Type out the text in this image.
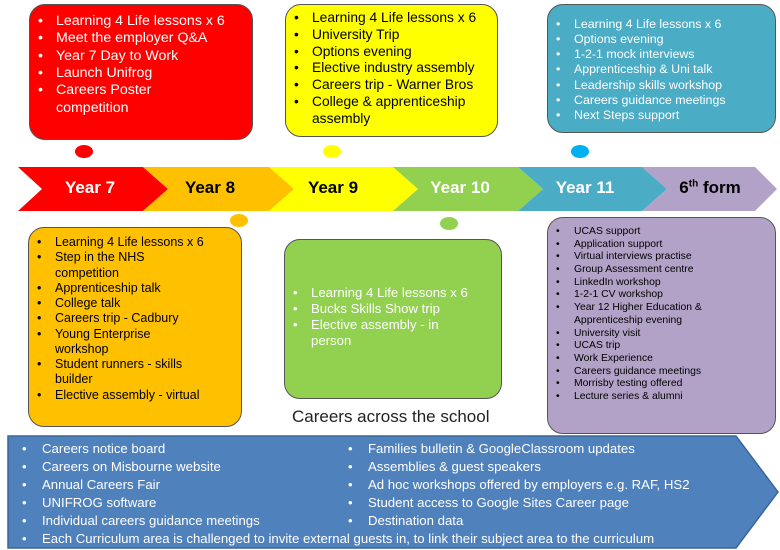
• Learning 4 Life lessons x 6
• Meet the employer Q&A
• Year 7 Day to Work
• Launch Unifrog
• Careers Poster competition
• Learning 4 Life lessons x 6
• University Trip
• Options evening
• Elective industry assembly
• Careers trip - Warner Bros
• College & apprenticeship assembly
• Learning 4 Life lessons x 6
• Options evening
• 1-2-1 mock interviews
• Apprenticeship & Uni talk
• Leadership skills workshop
• Careers guidance meetings
• Next Steps support
Year 7	Year 8	Year 9	Year 10	Year 11	6th form
• Learning 4 Life lessons x 6
• Step in the NHS competition
• Apprenticeship talk
• College talk
• Careers trip - Cadbury
• Young Enterprise workshop
• Student runners - skills builder
• Elective assembly - virtual
• Learning 4 Life lessons x 6
• Bucks Skills Show trip
• Elective assembly - in person
• UCAS support
• Application support
• Virtual interviews practise
• Group Assessment centre
• LinkedIn workshop
• 1-2-1 CV workshop
• Year 12 Higher Education & Apprenticeship evening
• University visit
• UCAS trip
• Work Experience
• Careers guidance meetings
• Morrisby testing offered
• Lecture series & alumni
Careers across the school
• Careers notice board
• Careers on Misbourne website
• Annual Careers Fair
• UNIFROG software
• Individual careers guidance meetings
• Families bulletin & GoogleClassroom updates
• Assemblies & guest speakers
• Ad hoc workshops offered by employers e.g. RAF, HS2
• Student access to Google Sites Career page
• Destination data
• Each Curriculum area is challenged to invite external guests in, to link their subject area to the curriculum
